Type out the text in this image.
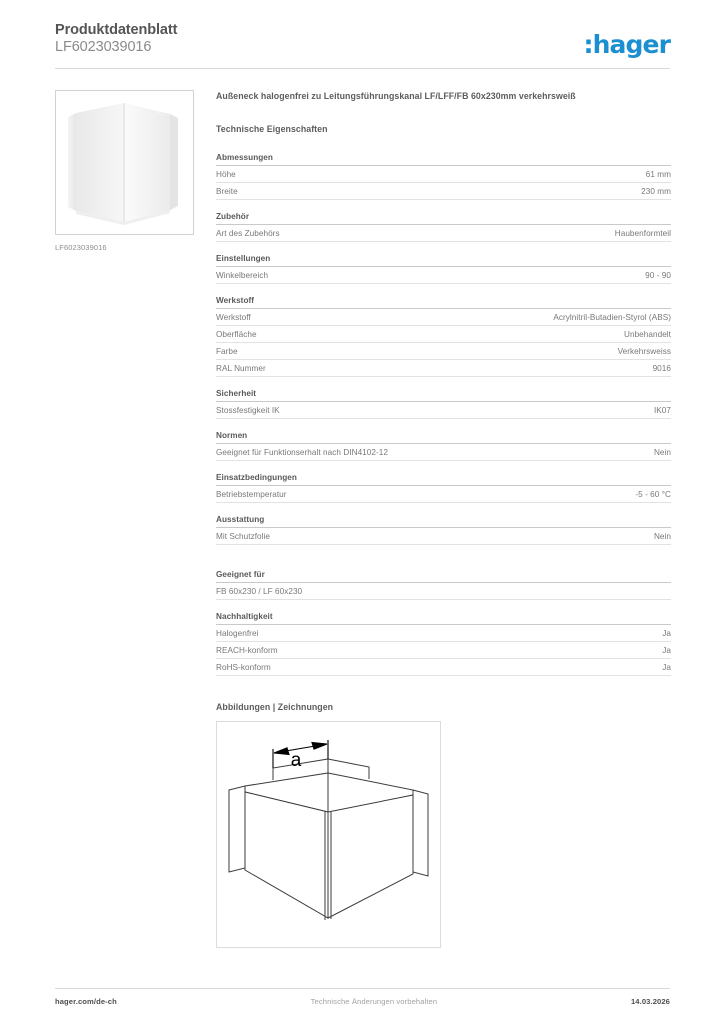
Produktdatenblatt
LF6023039016	:hager
LF6023039016
Außeneck halogenfrei zu Leitungsführungskanal LF/LFF/FB 60x230mm verkehrsweiß
Technische Eigenschaften
Abmessungen
Höhe	61 mm
Breite	230 mm
Zubehör
Art des Zubehörs	Haubenformteil
Einstellungen
Winkelbereich	90 - 90
Werkstoff
Werkstoff	Acrylnitril-Butadien-Styrol (ABS)
Oberfläche	Unbehandelt
Farbe	Verkehrsweiss
RAL Nummer	9016
Sicherheit
Stossfestigkeit IK	IK07
Normen
Geeignet für Funktionserhalt nach DIN4102-12	Nein
Einsatzbedingungen
Betriebstemperatur	-5 - 60 °C
Ausstattung
Mit Schutzfolie	Nein
Geeignet für
FB 60x230 / LF 60x230
Nachhaltigkeit
Halogenfrei	Ja
REACH-konform	Ja
RoHS-konform	Ja
Abbildungen | Zeichnungen
a
hager.com/de-ch	Technische Änderungen vorbehalten	14.03.2026
